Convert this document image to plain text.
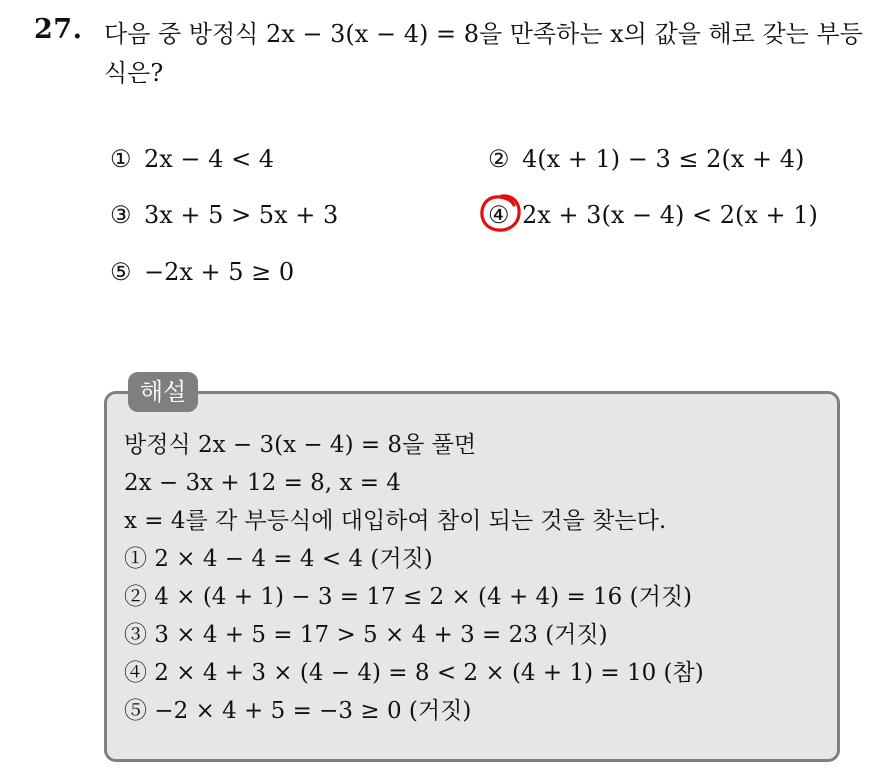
27. 다음 중 방정식 2x − 3(x − 4) = 8을 만족하는 x의 값을 해로 갖는 부등식은?
① 2x − 4 < 4	② 4(x + 1) − 3 ≤ 2(x + 4)
③ 3x + 5 > 5x + 3	④ 2x + 3(x − 4) < 2(x + 1)
⑤ −2x + 5 ≥ 0
해설
방정식 2x − 3(x − 4) = 8을 풀면
2x − 3x + 12 = 8, x = 4
x = 4를 각 부등식에 대입하여 참이 되는 것을 찾는다.
① 2 × 4 − 4 = 4 < 4 (거짓)
② 4 × (4 + 1) − 3 = 17 ≤ 2 × (4 + 4) = 16 (거짓)
③ 3 × 4 + 5 = 17 > 5 × 4 + 3 = 23 (거짓)
④ 2 × 4 + 3 × (4 − 4) = 8 < 2 × (4 + 1) = 10 (참)
⑤ −2 × 4 + 5 = −3 ≥ 0 (거짓)
